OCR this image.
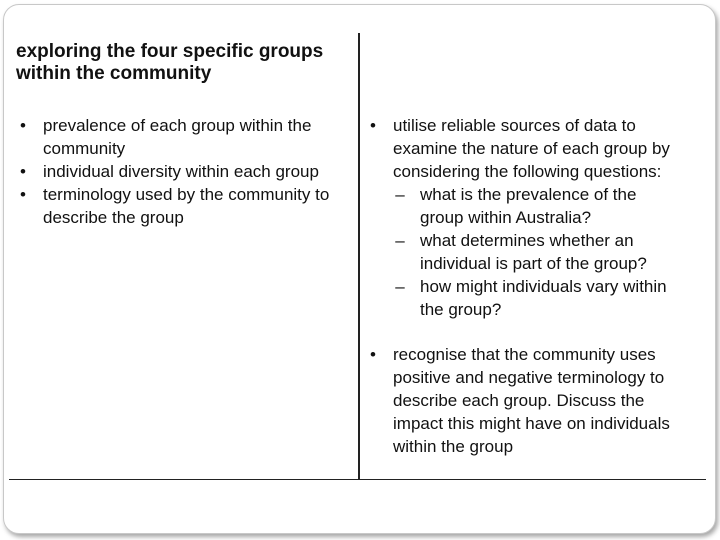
exploring the four specific groups
within the community
• prevalence of each group within the
community
• individual diversity within each group
• terminology used by the community to
describe the group
• utilise reliable sources of data to
examine the nature of each group by
considering the following questions:
– what is the prevalence of the
group within Australia?
– what determines whether an
individual is part of the group?
– how might individuals vary within
the group?
• recognise that the community uses
positive and negative terminology to
describe each group. Discuss the
impact this might have on individuals
within the group
